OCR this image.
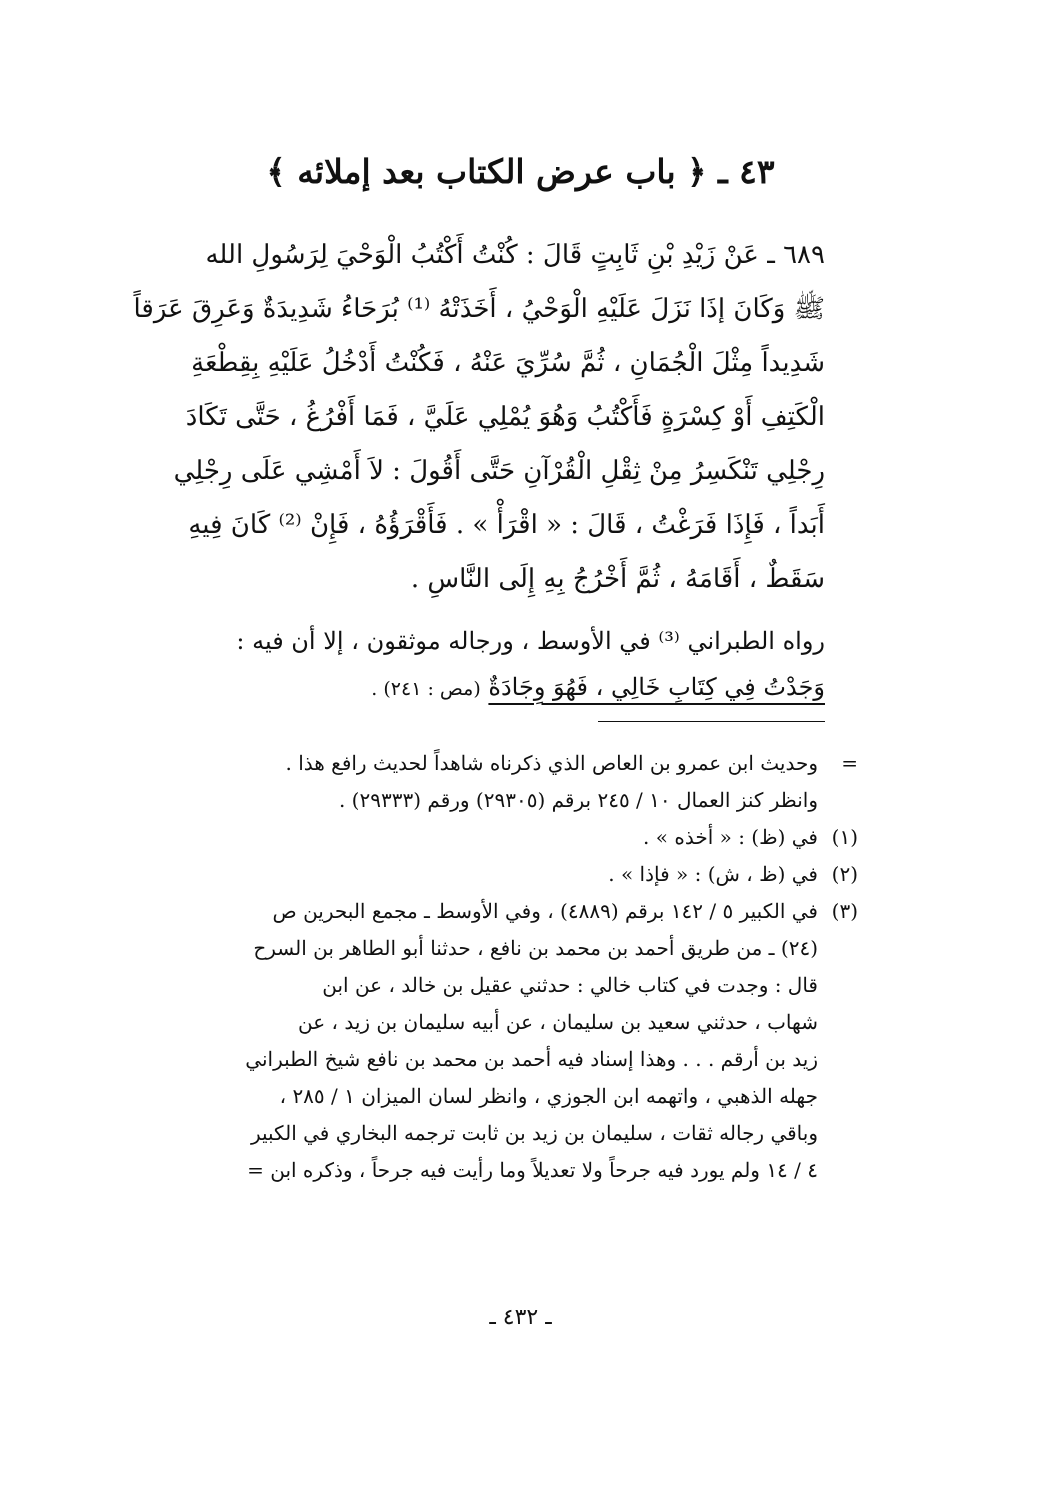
٤٣ ـ ﴿ باب عرض الكتاب بعد إملائه ﴾
٦٨٩ ـ عَنْ زَيْدِ بْنِ ثَابِتٍ قَالَ : كُنْتُ أَكْتُبُ الْوَحْيَ لِرَسُولِ الله
ﷺ وَكَانَ إذَا نَزَلَ عَلَيْهِ الْوَحْيُ ، أَخَذَتْهُ ⁽¹⁾ بُرَحَاءُ شَدِيدَةٌ وَعَرِقَ عَرَقاً
شَدِيداً مِثْلَ الْجُمَانِ ، ثُمَّ سُرِّيَ عَنْهُ ، فَكُنْتُ أَدْخُلُ عَلَيْهِ بِقِطْعَةِ
الْكَتِفِ أَوْ كِسْرَةٍ فَأَكْتُبُ وَهُوَ يُمْلِي عَلَيَّ ، فَمَا أَفْرُغُ ، حَتَّى تَكَادَ
رِجْلِي تَنْكَسِرُ مِنْ ثِقْلِ الْقُرْآنِ حَتَّى أَقُولَ : لاَ أَمْشِي عَلَى رِجْلِي
أَبَداً ، فَإِذَا فَرَغْتُ ، قَالَ : « اقْرَأْ » . فَأَقْرَؤُهُ ، فَإِنْ ⁽²⁾ كَانَ فِيهِ
سَقَطٌ ، أَقَامَهُ ، ثُمَّ أَخْرُجُ بِهِ إِلَى النَّاسِ .
رواه الطبراني ⁽³⁾ في الأوسط ، ورجاله موثقون ، إلا أن فيه :
وَجَدْتُ فِي كِتَابِ خَالِي ، فَهُوَ وِجَادَةٌ (مص : ٢٤١) .
=
وحديث ابن عمرو بن العاص الذي ذكرناه شاهداً لحديث رافع هذا .
وانظر كنز العمال ١٠ / ٢٤٥ برقم (٢٩٣٠٥) ورقم (٢٩٣٣٣) .
(١)
في (ظ) : « أخذه » .
(٢)
في (ظ ، ش) : « فإذا » .
(٣)
في الكبير ٥ / ١٤٢ برقم (٤٨٨٩) ، وفي الأوسط ـ مجمع البحرين ص
(٢٤) ـ من طريق أحمد بن محمد بن نافع ، حدثنا أبو الطاهر بن السرح
قال : وجدت في كتاب خالي : حدثني عقيل بن خالد ، عن ابن
شهاب ، حدثني سعيد بن سليمان ، عن أبيه سليمان بن زيد ، عن
زيد بن أرقم . . . وهذا إسناد فيه أحمد بن محمد بن نافع شيخ الطبراني
جهله الذهبي ، واتهمه ابن الجوزي ، وانظر لسان الميزان ١ / ٢٨٥ ،
وباقي رجاله ثقات ، سليمان بن زيد بن ثابت ترجمه البخاري في الكبير
٤ / ١٤ ولم يورد فيه جرحاً ولا تعديلاً وما رأيت فيه جرحاً ، وذكره ابن =
ـ ٤٣٢ ـ
